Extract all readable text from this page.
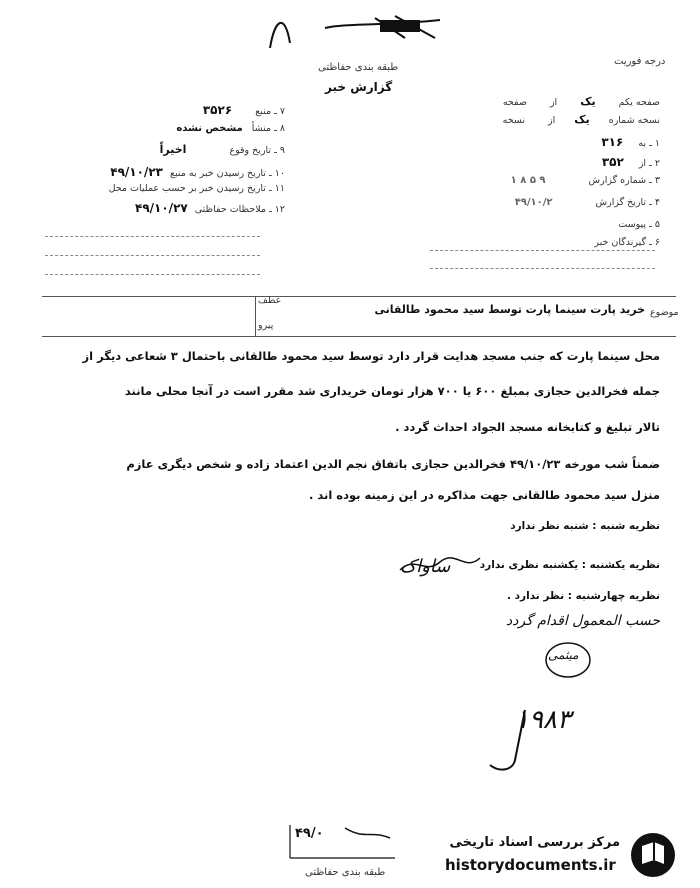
طبقه بندی حفاظتی
درجه فوریت
گزارش خبر
صفحه یکم یک از صفحه
نسخه شماره یک از نسخه
۱ ـ به ۳۱۶
۲ ـ از ۳۵۲
۳ ـ شماره گزارش ۹ ۵ ۸ ۱
۴ ـ تاریخ گزارش ۴۹/۱۰/۲
۵ ـ پیوست
۶ ـ گیرندگان خبر
۷ ـ منبع ۳۵۲۶
۸ ـ منشأ مشخص نشده
۹ ـ تاریخ وقوع اخیراً
۱۰ ـ تاریخ رسیدن خبر به منبع ۴۹/۱۰/۲۳
۱۱ ـ تاریخ رسیدن خبر بر حسب عملیات محل
۱۲ ـ ملاحظات حفاظتی ۴۹/۱۰/۲۷
عطف
پیرو
موضوع
خرید پارت سینما پارت توسط سید محمود طالقانی
محل سینما پارت که جنب مسجد هدایت قرار دارد توسط سید محمود طالقانی باحتمال ۳ شعاعی دیگر از
جمله فخرالدین حجازی بمبلغ ۶۰۰ یا ۷۰۰ هزار تومان خریداری شد مقرر است در آنجا محلی مانند
تالار تبلیغ و کتابخانه مسجد الجواد احداث گردد .
ضمناً شب مورخه ۴۹/۱۰/۲۳ فخرالدین حجازی باتفاق نجم الدین اعتماد زاده و شخص دیگری عازم
منزل سید محمود طالقانی جهت مذاکره در این زمینه بوده اند .
نظریه شنبه : شنبه نظر ندارد
نظریه یکشنبه : یکشنبه نظری ندارد
نظریه چهارشنبه : نظر ندارد .
حسب المعمول اقدام گردد
ساواک
میثمی
۱۹۸۳
۴۹/۰
طبقه بندی حفاظتی
مرکز بررسی اسناد تاریخی
historydocuments.ir
